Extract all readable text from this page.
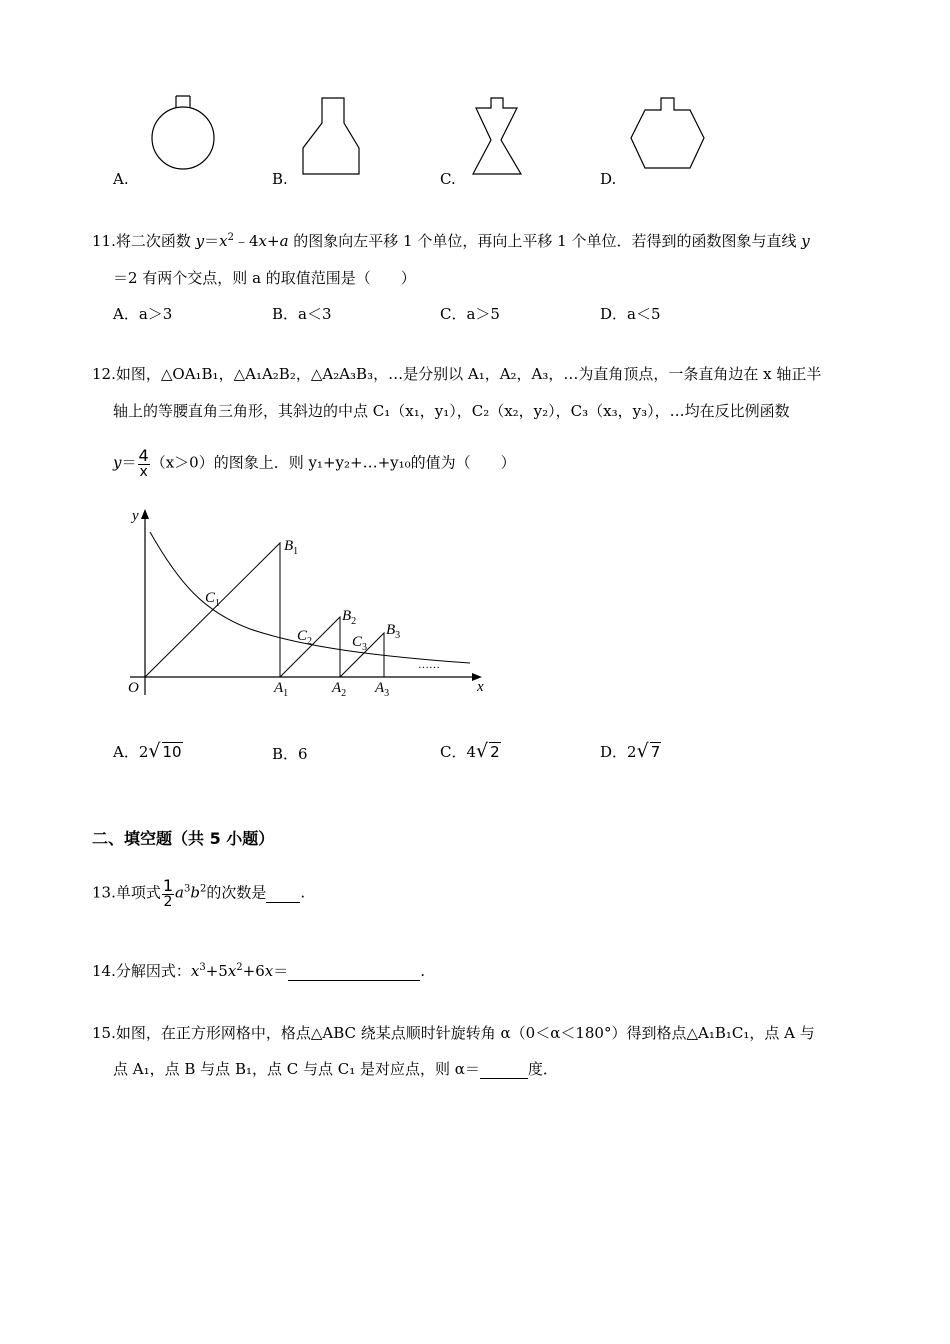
A.	B.	C.	D.
11.将二次函数 $y=x^2﹣4x+a$ 的图象向左平移 1 个单位，再向上平移 1 个单位．若得到的函数图象与直线 y
＝2 有两个交点，则 a 的取值范围是（　　）
A．a＞3	B．a＜3	C．a＞5	D．a＜5
12.如图，△OA₁B₁，△A₁A₂B₂，△A₂A₃B₃，…是分别以 A₁，A₂，A₃，…为直角顶点，一条直角边在 x 轴正半
轴上的等腰直角三角形，其斜边的中点 C₁（x₁，y₁），C₂（x₂，y₂），C₃（x₃，y₃），…均在反比例函数
$y= \frac{4}{x} (x>0)$的图象上．则 y₁+y₂+…+y₁₀的值为（　　）
y
x
O
$B_1$
$B_2$
$B_3$
$C_1$
$C_2$	$C_3$
$A_1$	$A_2$ $A_3$
……
A．2√ 10	B．6	C．4√ 2	D．2√ 7
二、填空题（共 5 小题）
13.单项式 $\frac{1}{2} a^3b^2$的次数是 .
14.分解因式：$x^3+5x^2+6x=$	.
15.如图，在正方形网格中，格点△ABC 绕某点顺时针旋转角 α（0＜α＜180°）得到格点△A₁B₁C₁，点 A 与
点 A₁，点 B 与点 B₁，点 C 与点 C₁ 是对应点，则 α＝	度．
